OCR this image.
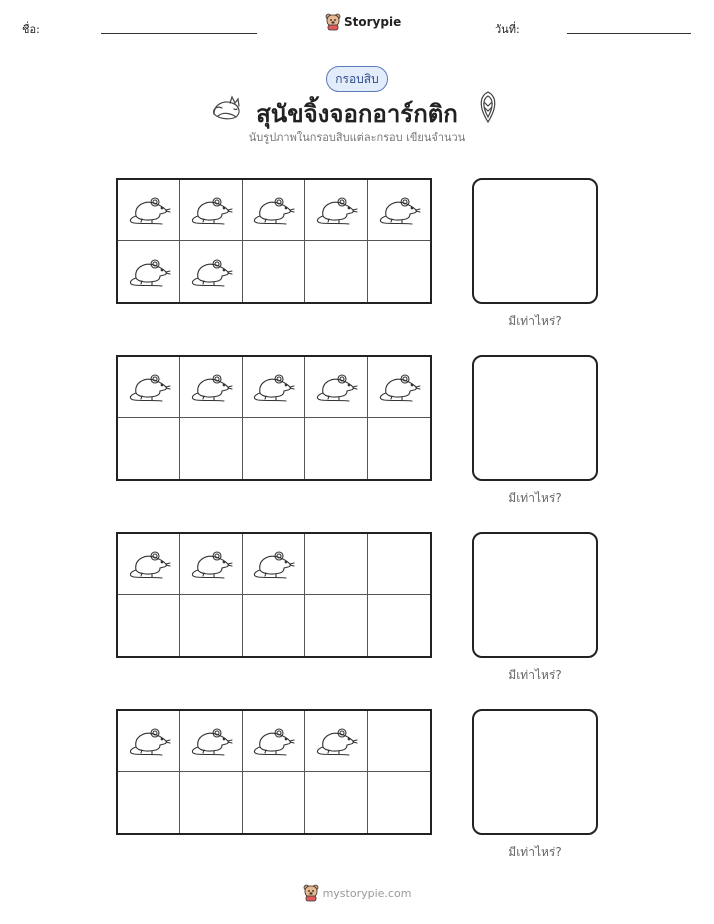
ชื่อ:
Storypie
วันที่:
กรอบสิบ
สุนัขจิ้งจอกอาร์กติก
นับรูปภาพในกรอบสิบแต่ละกรอบ เขียนจำนวน
มีเท่าไหร่?
มีเท่าไหร่?
มีเท่าไหร่?
มีเท่าไหร่?
mystorypie.com
